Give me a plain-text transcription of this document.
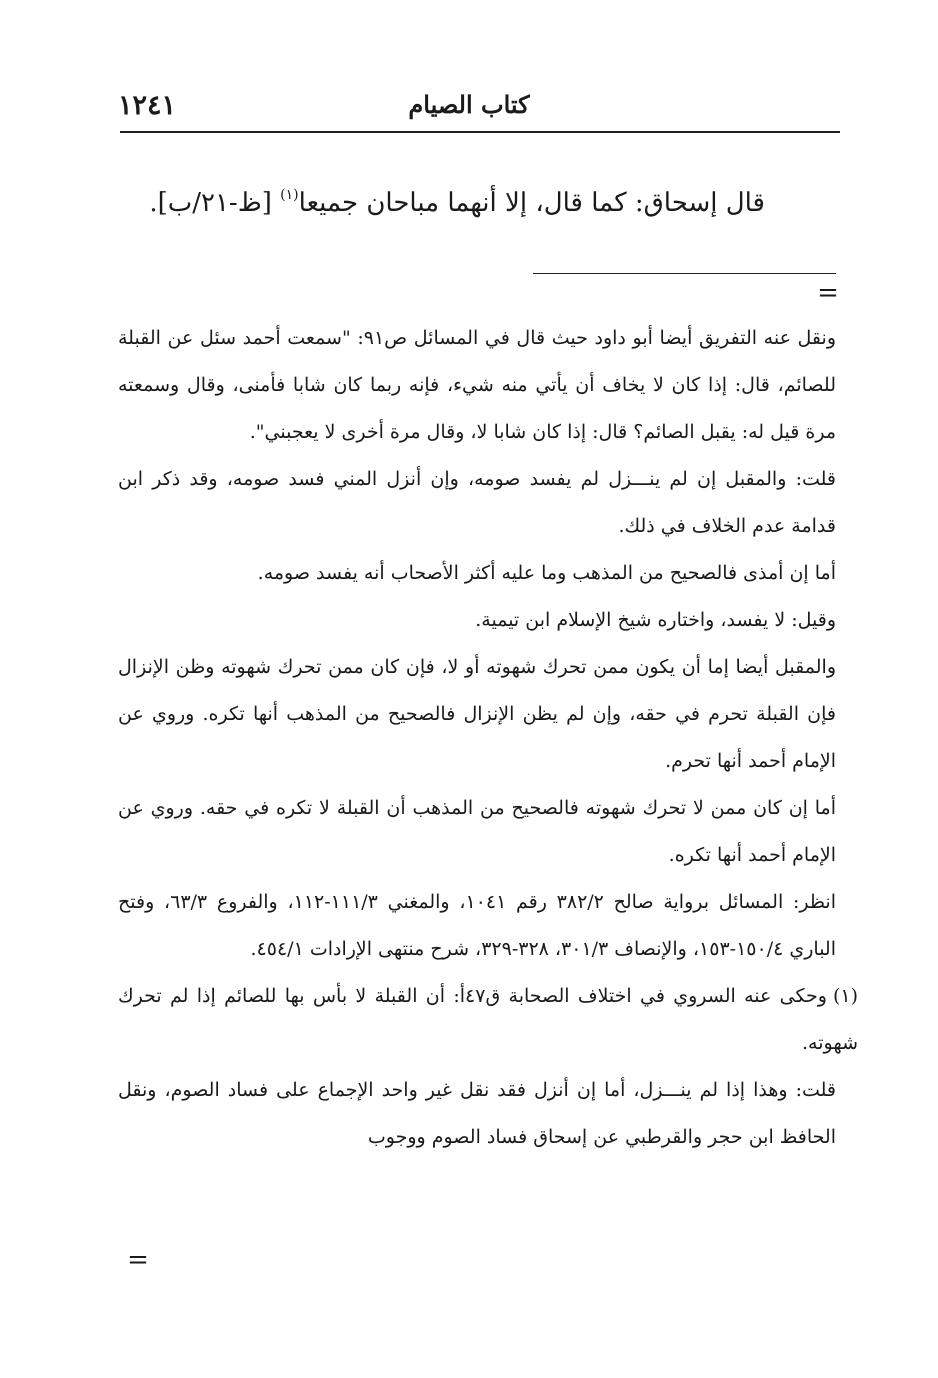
١٢٤١	كتاب الصيام
قال إسحاق: كما قال، إلا أنهما مباحان جميعا$^{(١)}$ [ظ-٢١/ب].
=

ونقل عنه التفريق أيضا أبو داود حيث قال في المسائل ص٩١: "سمعت أحمد سئل عن القبلة للصائم، قال: إذا كان لا يخاف أن يأتي منه شيء، فإنه ربما كان شابا فأمنى، وقال وسمعته مرة قيل له: يقبل الصائم؟ قال: إذا كان شابا لا، وقال مرة أخرى لا يعجبني".

قلت: والمقبل إن لم ينـــزل لم يفسد صومه، وإن أنزل المني فسد صومه، وقد ذكر ابن قدامة عدم الخلاف في ذلك.

أما إن أمذى فالصحيح من المذهب وما عليه أكثر الأصحاب أنه يفسد صومه.

وقيل: لا يفسد، واختاره شيخ الإسلام ابن تيمية.

والمقبل أيضا إما أن يكون ممن تحرك شهوته أو لا، فإن كان ممن تحرك شهوته وظن الإنزال فإن القبلة تحرم في حقه، وإن لم يظن الإنزال فالصحيح من المذهب أنها تكره. وروي عن الإمام أحمد أنها تحرم.

أما إن كان ممن لا تحرك شهوته فالصحيح من المذهب أن القبلة لا تكره في حقه. وروي عن الإمام أحمد أنها تكره.

انظر: المسائل برواية صالح ٣٨٢/٢ رقم ١٠٤١، والمغني ١١١/٣-١١٢، والفروع ٦٣/٣، وفتح الباري ١٥٠/٤-١٥٣، والإنصاف ٣٠١/٣، ٣٢٨-٣٢٩، شرح منتهى الإرادات ٤٥٤/١.

(١)وحكى عنه السروي في اختلاف الصحابة ق٤٧أ: أن القبلة لا بأس بها للصائم إذا لم تحرك شهوته.

قلت: وهذا إذا لم ينـــزل، أما إن أنزل فقد نقل غير واحد الإجماع على فساد الصوم، ونقل الحافظ ابن حجر والقرطبي عن إسحاق فساد الصوم ووجوب

=
